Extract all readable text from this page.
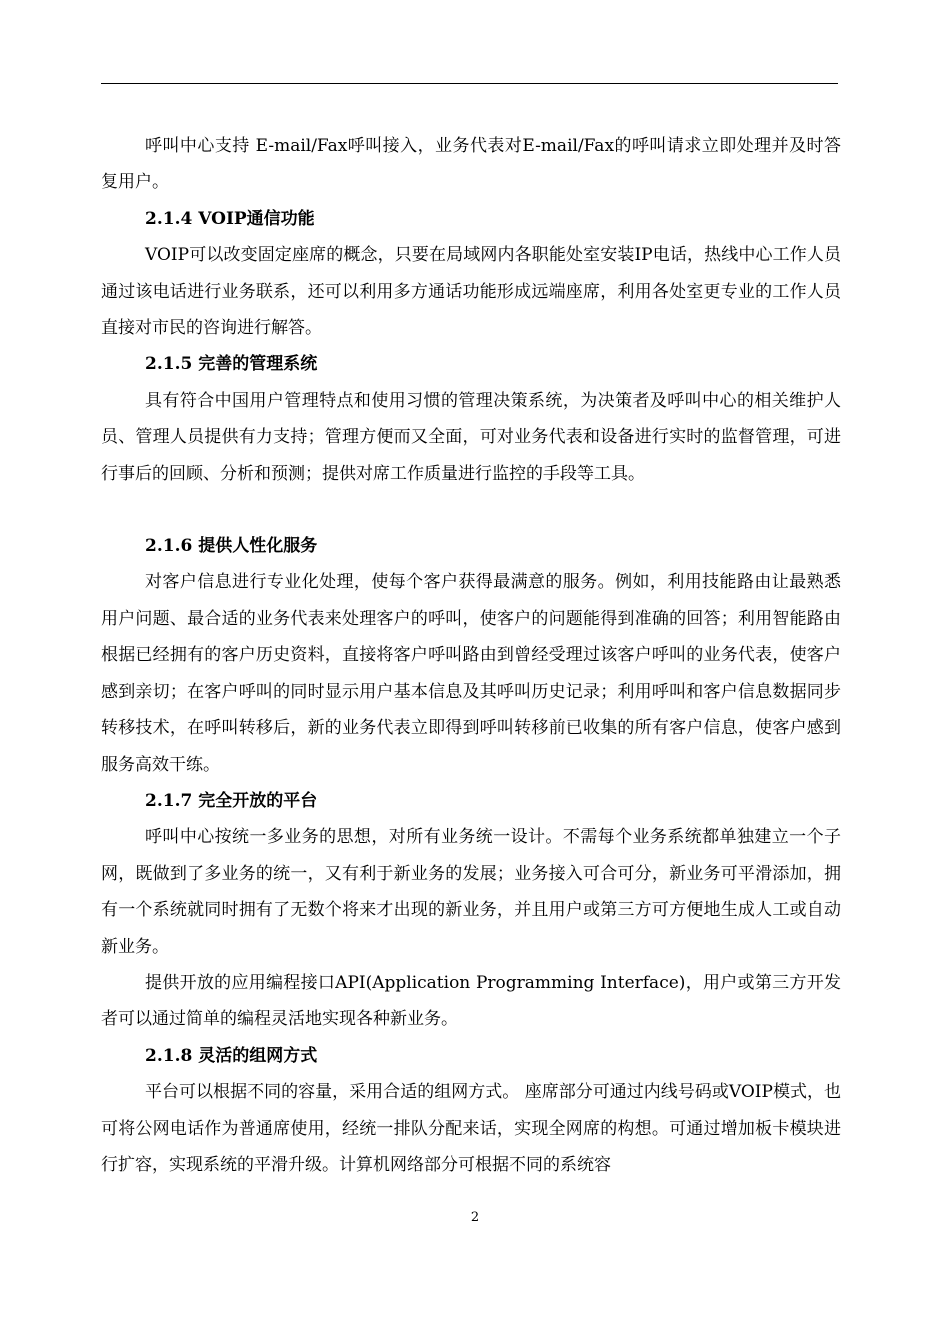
呼叫中心支持 E-mail/Fax呼叫接入，业务代表对E-mail/Fax的呼叫请求立即处理并及时答复用户。

2.1.4 VOIP通信功能

VOIP可以改变固定座席的概念，只要在局域网内各职能处室安装IP电话，热线中心工作人员通过该电话进行业务联系，还可以利用多方通话功能形成远端座席，利用各处室更专业的工作人员直接对市民的咨询进行解答。

2.1.5 完善的管理系统

具有符合中国用户管理特点和使用习惯的管理决策系统，为决策者及呼叫中心的相关维护人员、管理人员提供有力支持；管理方便而又全面，可对业务代表和设备进行实时的监督管理，可进行事后的回顾、分析和预测；提供对席工作质量进行监控的手段等工具。

2.1.6 提供人性化服务

对客户信息进行专业化处理，使每个客户获得最满意的服务。例如，利用技能路由让最熟悉用户问题、最合适的业务代表来处理客户的呼叫，使客户的问题能得到准确的回答；利用智能路由根据已经拥有的客户历史资料，直接将客户呼叫路由到曾经受理过该客户呼叫的业务代表，使客户感到亲切；在客户呼叫的同时显示用户基本信息及其呼叫历史记录；利用呼叫和客户信息数据同步转移技术，在呼叫转移后，新的业务代表立即得到呼叫转移前已收集的所有客户信息，使客户感到服务高效干练。

2.1.7 完全开放的平台

呼叫中心按统一多业务的思想，对所有业务统一设计。不需每个业务系统都单独建立一个子网，既做到了多业务的统一，又有利于新业务的发展；业务接入可合可分，新业务可平滑添加，拥有一个系统就同时拥有了无数个将来才出现的新业务，并且用户或第三方可方便地生成人工或自动新业务。

提供开放的应用编程接口API(Application Programming Interface)，用户或第三方开发者可以通过简单的编程灵活地实现各种新业务。

2.1.8 灵活的组网方式

平台可以根据不同的容量，采用合适的组网方式。 座席部分可通过内线号码或VOIP模式，也可将公网电话作为普通席使用，经统一排队分配来话，实现全网席的构想。可通过增加板卡模块进行扩容，实现系统的平滑升级。计算机网络部分可根据不同的系统容

2
